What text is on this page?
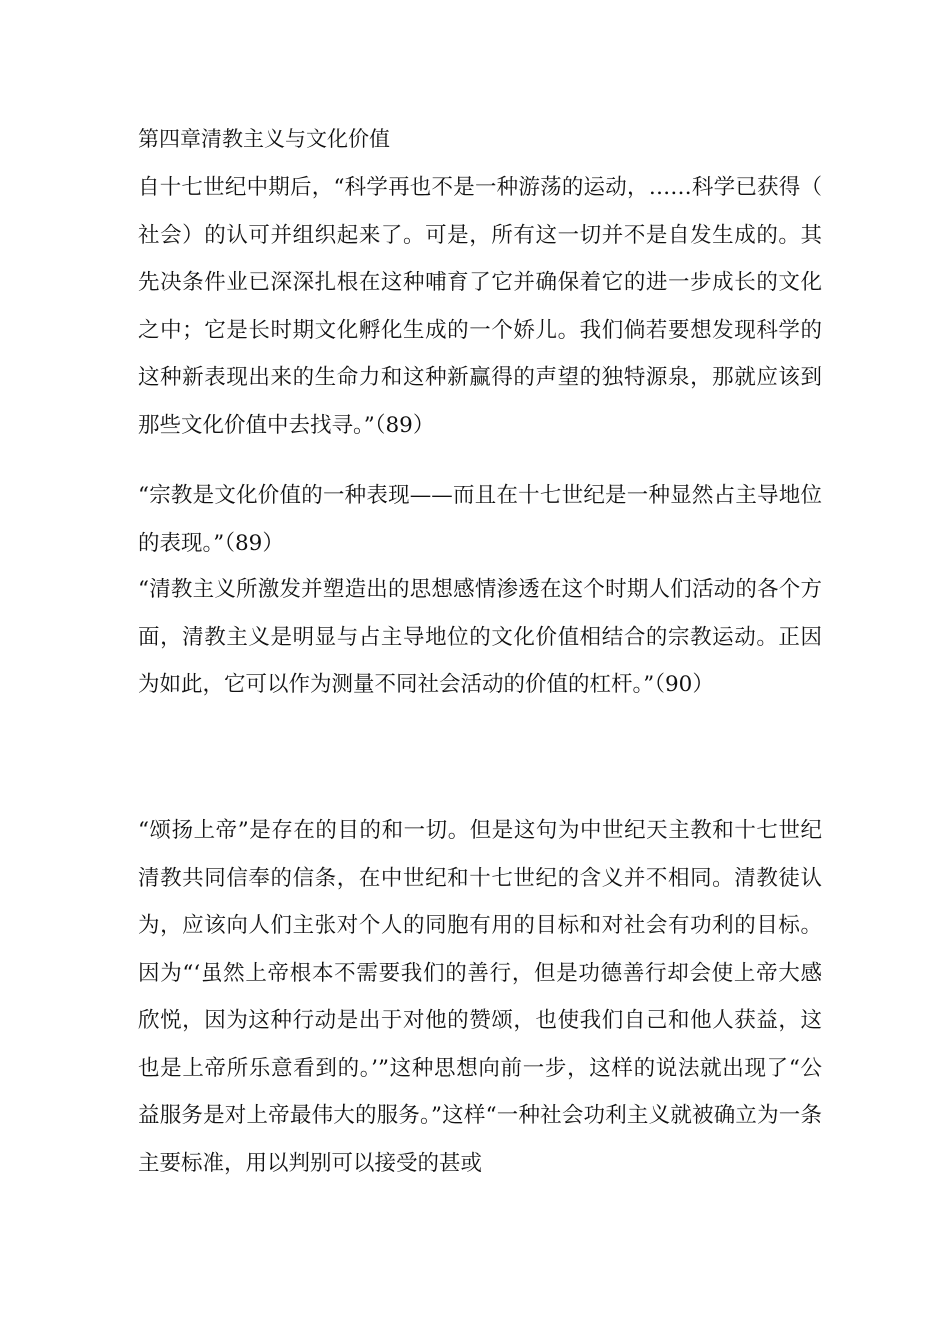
第四章清教主义与文化价值

自十七世纪中期后，“科学再也不是一种游荡的运动，……科学已获得（社会）的认可并组织起来了。可是，所有这一切并不是自发生成的。其先决条件业已深深扎根在这种哺育了它并确保着它的进一步成长的文化之中；它是长时期文化孵化生成的一个娇儿。我们倘若要想发现科学的这种新表现出来的生命力和这种新赢得的声望的独特源泉，那就应该到那些文化价值中去找寻。”（89）

“宗教是文化价值的一种表现——而且在十七世纪是一种显然占主导地位的表现。”（89）

“清教主义所激发并塑造出的思想感情渗透在这个时期人们活动的各个方面，清教主义是明显与占主导地位的文化价值相结合的宗教运动。正因为如此，它可以作为测量不同社会活动的价值的杠杆。”（90）

“颂扬上帝”是存在的目的和一切。但是这句为中世纪天主教和十七世纪清教共同信奉的信条，在中世纪和十七世纪的含义并不相同。清教徒认为，应该向人们主张对个人的同胞有用的目标和对社会有功利的目标。因为“‘虽然上帝根本不需要我们的善行，但是功德善行却会使上帝大感欣悦，因为这种行动是出于对他的赞颂，也使我们自己和他人获益，这也是上帝所乐意看到的。’”这种思想向前一步，这样的说法就出现了“公益服务是对上帝最伟大的服务。”这样“一种社会功利主义就被确立为一条主要标准，用以判别可以接受的甚或
